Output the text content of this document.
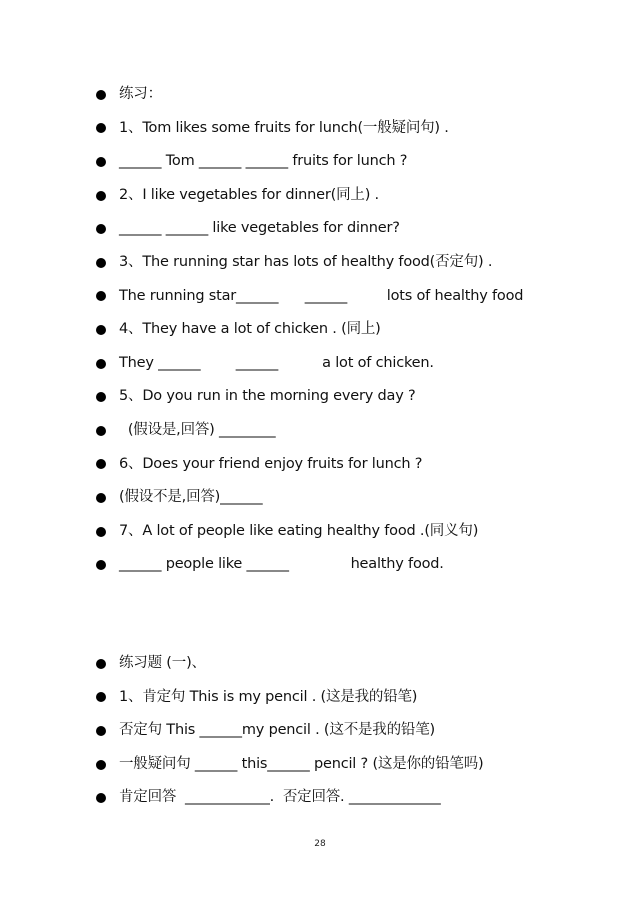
练习：
1、Tom likes some fruits for lunch(一般疑问句) .
______ Tom ______ ______ fruits for lunch ?
2、I like vegetables for dinner(同上) .
______ ______ like vegetables for dinner?
3、The running star has lots of healthy food(否定句) .
The running star______      ______         lots of healthy food
4、They have a lot of chicken . (同上)
They ______        ______          a lot of chicken.
5、Do you run in the morning every day ?
(假设是,回答) ________
6、Does your friend enjoy fruits for lunch ?
(假设不是,回答)______
7、A lot of people like eating healthy food .(同义句)
______ people like ______              healthy food.
练习题 (一)、
1、肯定句 This is my pencil . (这是我的铅笔)
否定句 This ______my pencil . (这不是我的铅笔)
一般疑问句 ______ this______ pencil ? (这是你的铅笔吗)
肯定回答  ____________.  否定回答. _____________
28
